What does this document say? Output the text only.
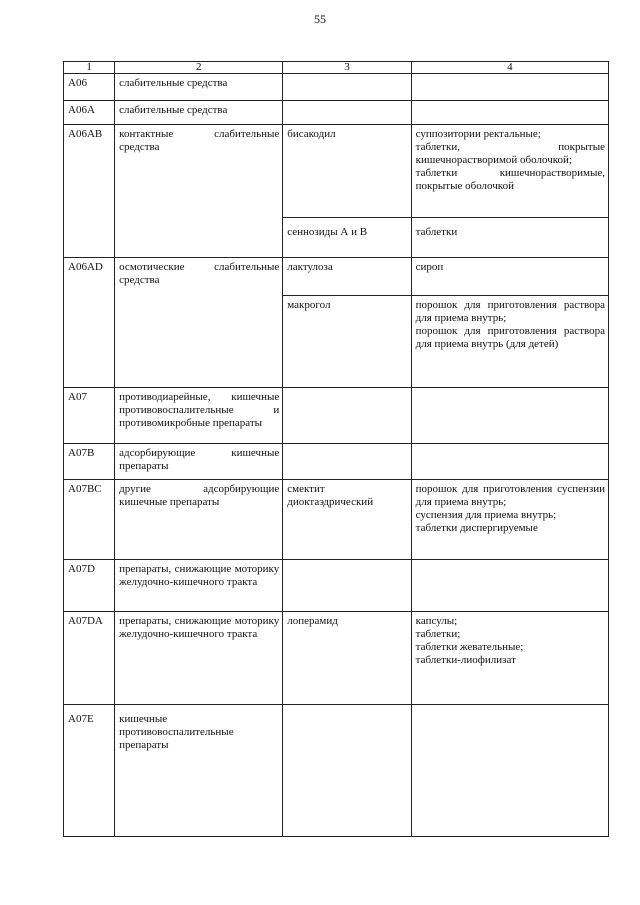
55
1	2	3	4
A06	слабительные средства		
A06A	слабительные средства		
A06AB	контактные слабительные средства	бисакодил	суппозитории ректальные;
таблетки, покрытые кишечнорастворимой оболочкой;
таблетки кишечнорастворимые, покрытые оболочкой

		сеннозиды А и В	таблетки

A06AD	осмотические слабительные средства	лактулоза	сироп

		макрогол	порошок для приготовления раствора для приема внутрь;
порошок для приготовления раствора для приема внутрь (для детей)

A07	противодиарейные, кишечные противовоспалительные и противомикробные препараты		
A07B	адсорбирующие кишечные препараты		
A07BC	другие адсорбирующие кишечные препараты	смектит диоктаэдрический	порошок для приготовления суспензии для приема внутрь;
суспензия для приема внутрь;
таблетки диспергируемые

A07D	препараты, снижающие моторику желудочно-кишечного тракта		
A07DA	препараты, снижающие моторику желудочно-кишечного тракта	лоперамид	капсулы;
таблетки;
таблетки жевательные;
таблетки-лиофилизат

A07E	кишечные противовоспалительные препараты		
